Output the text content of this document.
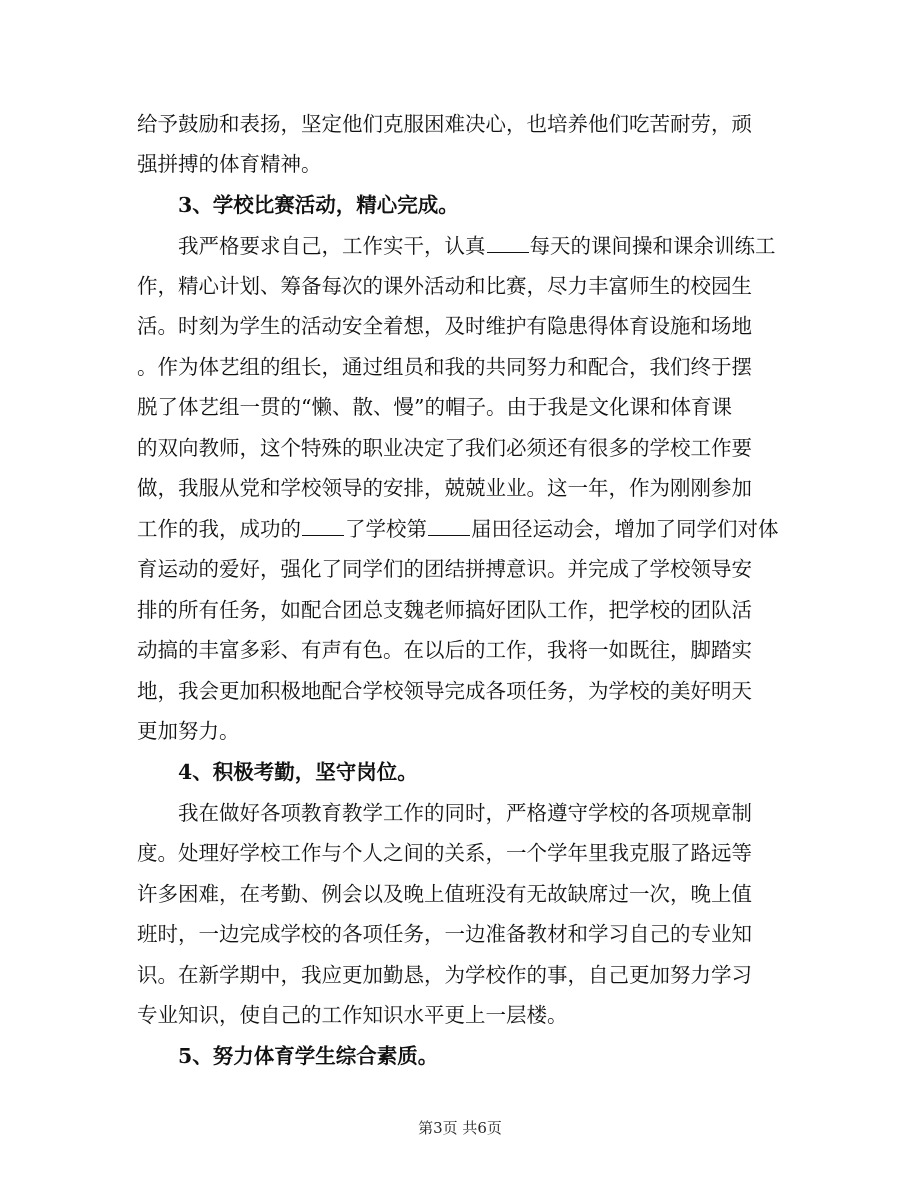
给予鼓励和表扬，坚定他们克服困难决心，也培养他们吃苦耐劳，顽
强拼搏的体育精神。
3、学校比赛活动，精心完成。
我严格要求自己，工作实干，认真 每天的课间操和课余训练工
作，精心计划、筹备每次的课外活动和比赛，尽力丰富师生的校园生
活。时刻为学生的活动安全着想，及时维护有隐患得体育设施和场地
。作为体艺组的组长，通过组员和我的共同努力和配合，我们终于摆
脱了体艺组一贯的“懒、散、慢”的帽子。由于我是文化课和体育课
的双向教师，这个特殊的职业决定了我们必须还有很多的学校工作要
做，我服从党和学校领导的安排，兢兢业业。这一年，作为刚刚参加
工作的我，成功的 了学校第 届田径运动会，增加了同学们对体
育运动的爱好，强化了同学们的团结拼搏意识。并完成了学校领导安
排的所有任务，如配合团总支魏老师搞好团队工作，把学校的团队活
动搞的丰富多彩、有声有色。在以后的工作，我将一如既往，脚踏实
地，我会更加积极地配合学校领导完成各项任务，为学校的美好明天
更加努力。
4、积极考勤，坚守岗位。
我在做好各项教育教学工作的同时，严格遵守学校的各项规章制
度。处理好学校工作与个人之间的关系，一个学年里我克服了路远等
许多困难，在考勤、例会以及晚上值班没有无故缺席过一次，晚上值
班时，一边完成学校的各项任务，一边准备教材和学习自己的专业知
识。在新学期中，我应更加勤恳，为学校作的事，自己更加努力学习
专业知识，使自己的工作知识水平更上一层楼。
5、努力体育学生综合素质。
第3页 共6页
